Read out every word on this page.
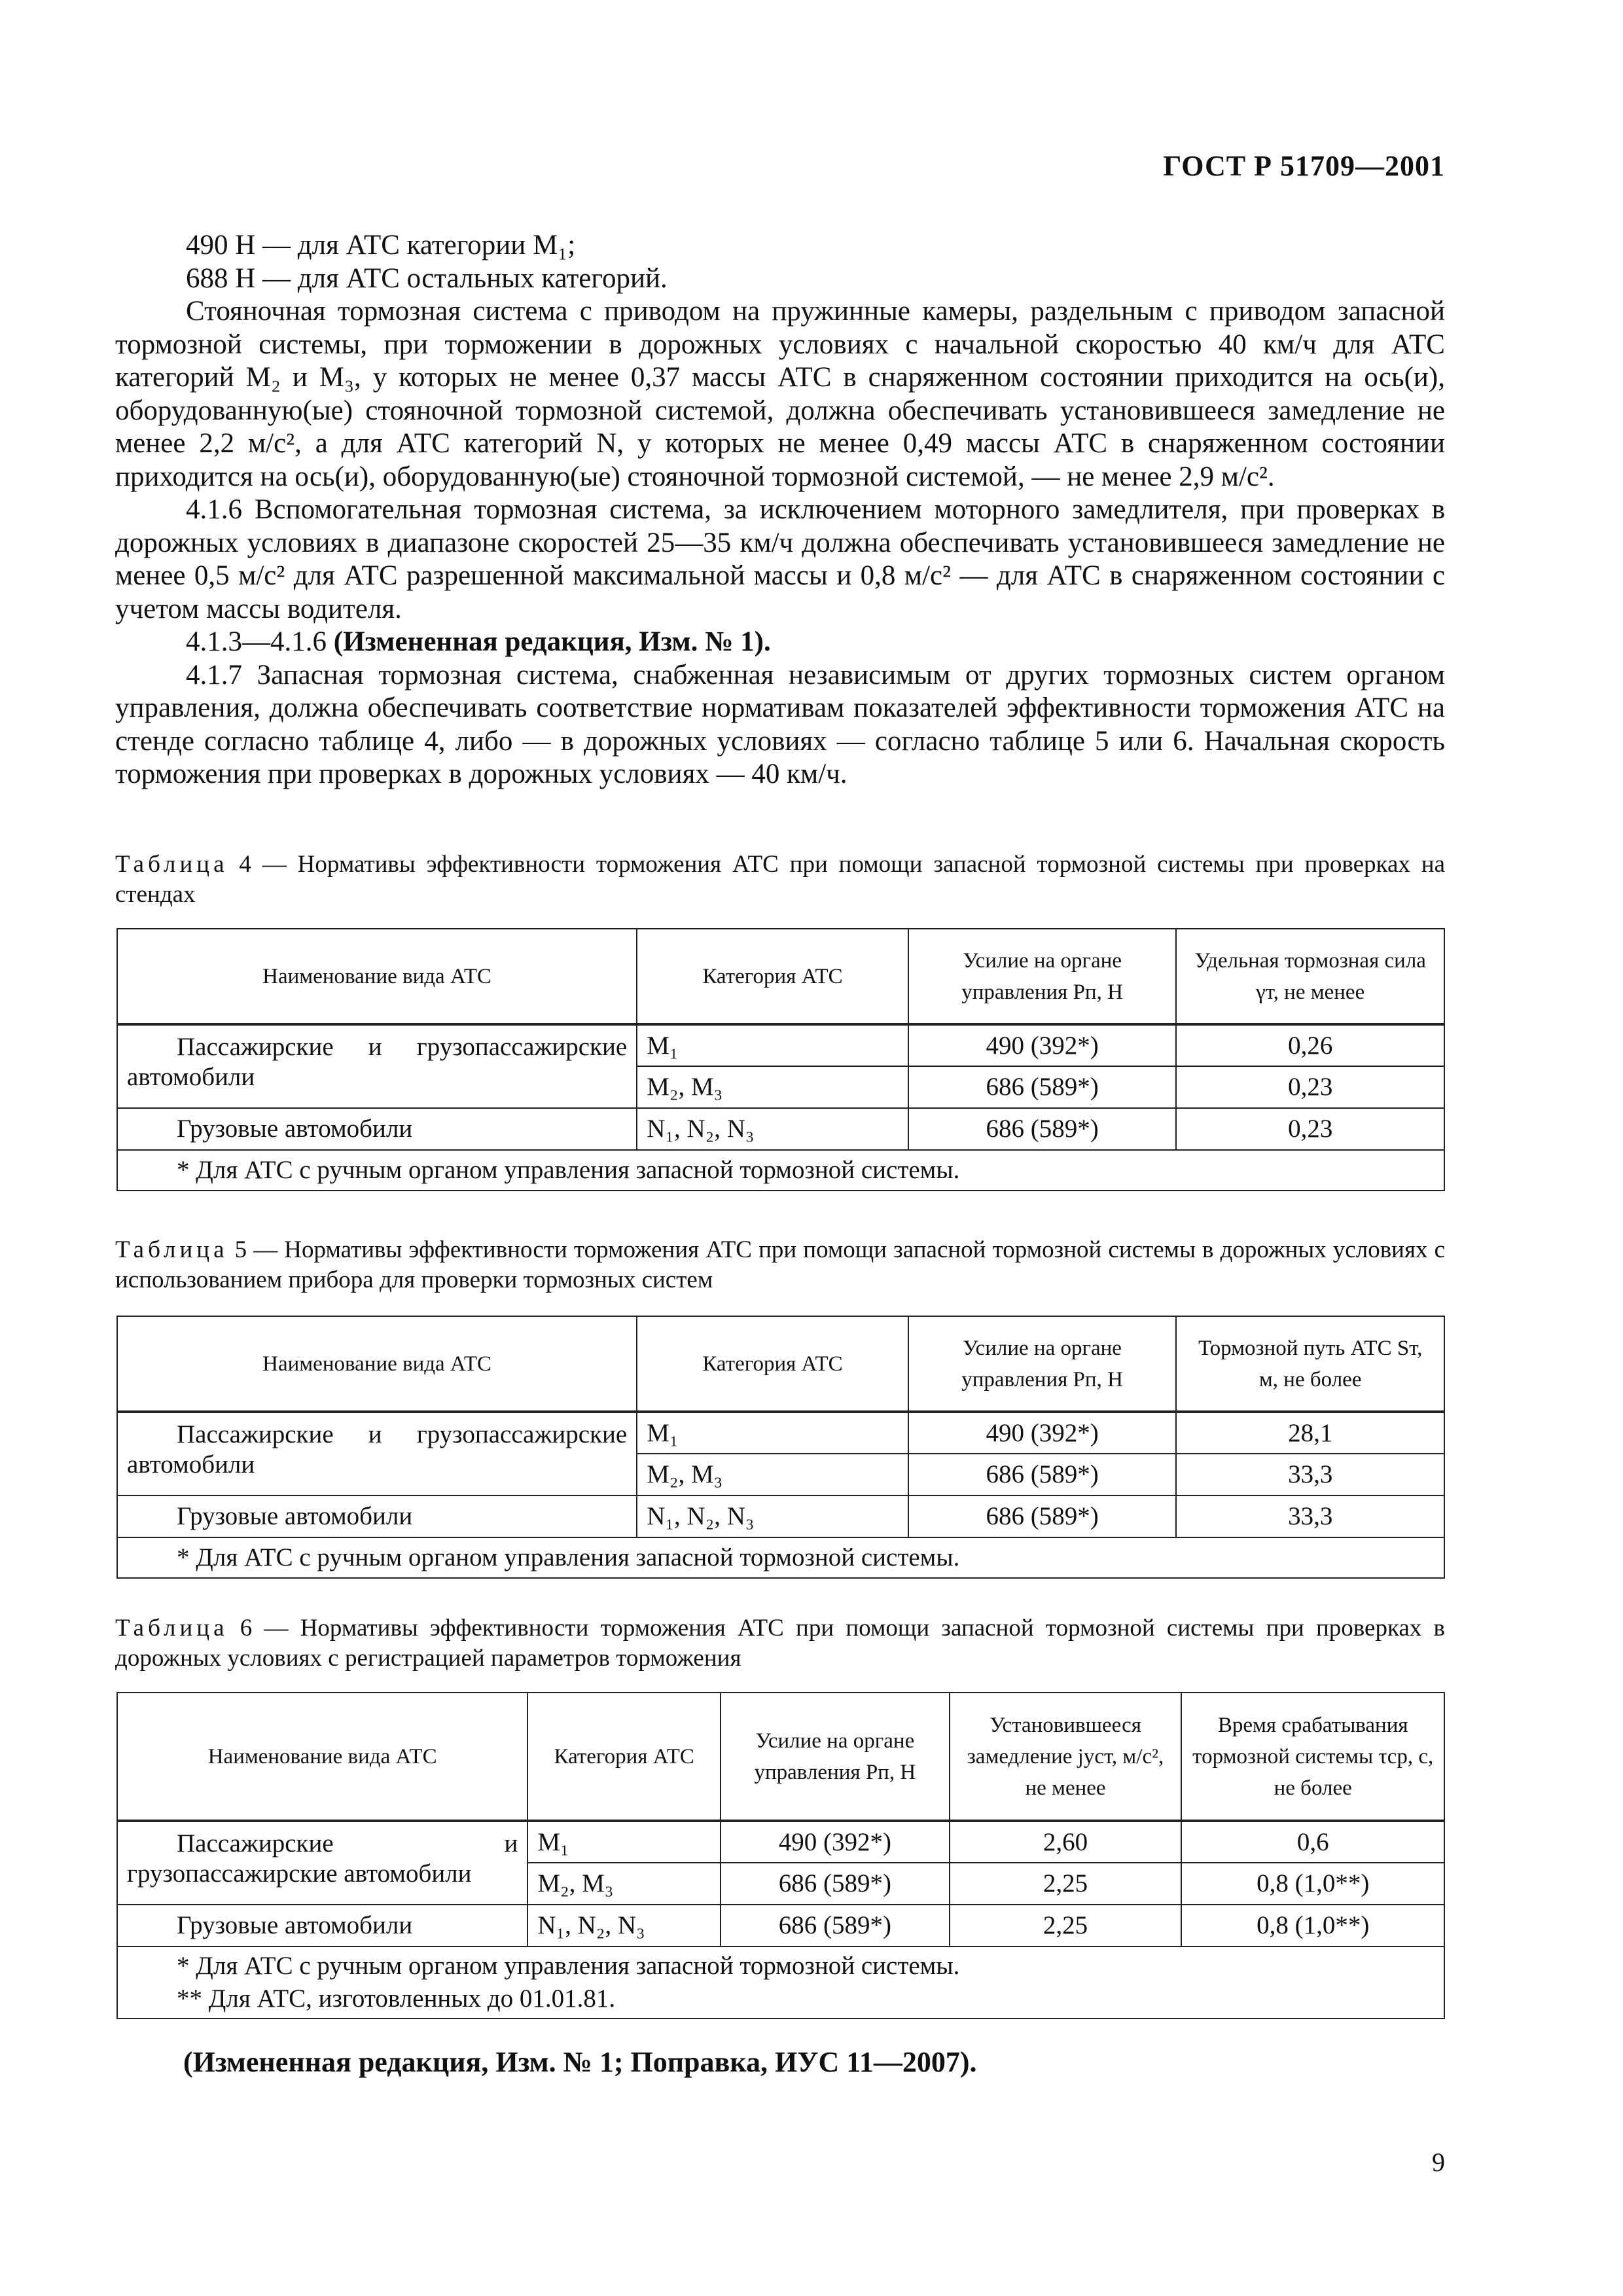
ГОСТ Р 51709—2001

490 Н — для АТС категории M₁;

688 Н — для АТС остальных категорий.

Стояночная тормозная система с приводом на пружинные камеры, раздельным с приводом запасной тормозной системы, при торможении в дорожных условиях с начальной скоростью 40 км/ч для АТС категорий M₂ и M₃, у которых не менее 0,37 массы АТС в снаряженном состоянии приходится на ось(и), оборудованную(ые) стояночной тормозной системой, должна обеспечивать установившееся замедление не менее 2,2 м/с², а для АТС категорий N, у которых не менее 0,49 массы АТС в снаряженном состоянии приходится на ось(и), оборудованную(ые) стояночной тормозной системой, — не менее 2,9 м/с².

4.1.6 Вспомогательная тормозная система, за исключением моторного замедлителя, при проверках в дорожных условиях в диапазоне скоростей 25—35 км/ч должна обеспечивать установившееся замедление не менее 0,5 м/с² для АТС разрешенной максимальной массы и 0,8 м/с² — для АТС в снаряженном состоянии с учетом массы водителя.

4.1.3—4.1.6 (Измененная редакция, Изм. № 1).

4.1.7 Запасная тормозная система, снабженная независимым от других тормозных систем органом управления, должна обеспечивать соответствие нормативам показателей эффективности торможения АТС на стенде согласно таблице 4, либо — в дорожных условиях — согласно таблице 5 или 6. Начальная скорость торможения при проверках в дорожных условиях — 40 км/ч.

Таблица 4 — Нормативы эффективности торможения АТС при помощи запасной тормозной системы при проверках на стендах
Наименование вида АТС	Категория АТС	Усилие на органе управления Рп, Н	Удельная тормозная сила γт, не менее
Пассажирские и грузопассажирские автомобили	M₁	490 (392*)	0,26
	M₂, M₃	686 (589*)	0,23
Грузовые автомобили	N₁, N₂, N₃	686 (589*)	0,23
* Для АТС с ручным органом управления запасной тормозной системы.			
Таблица 5 — Нормативы эффективности торможения АТС при помощи запасной тормозной системы в дорожных условиях с использованием прибора для проверки тормозных систем
Наименование вида АТС	Категория АТС	Усилие на органе управления Рп, Н	Тормозной путь АТС Sт, м, не более
Пассажирские и грузопассажирские автомобили	M₁	490 (392*)	28,1
	M₂, M₃	686 (589*)	33,3
Грузовые автомобили	N₁, N₂, N₃	686 (589*)	33,3
* Для АТС с ручным органом управления запасной тормозной системы.			
Таблица 6 — Нормативы эффективности торможения АТС при помощи запасной тормозной системы при проверках в дорожных условиях с регистрацией параметров торможения
Наименование вида АТС	Категория АТС	Усилие на органе управления Рп, Н	Установившееся замедление jуст, м/с², не менее	Время срабатывания тормозной системы τср, с, не более
Пассажирские и грузопассажирские автомобили	M₁	490 (392*)	2,60	0,6
	M₂, M₃	686 (589*)	2,25	0,8 (1,0**)
Грузовые автомобили	N₁, N₂, N₃	686 (589*)	2,25	0,8 (1,0**)

* Для АТС с ручным органом управления запасной тормозной системы.
** Для АТС, изготовленных до 01.01.81.				
(Измененная редакция, Изм. № 1; Поправка, ИУС 11—2007).
9
